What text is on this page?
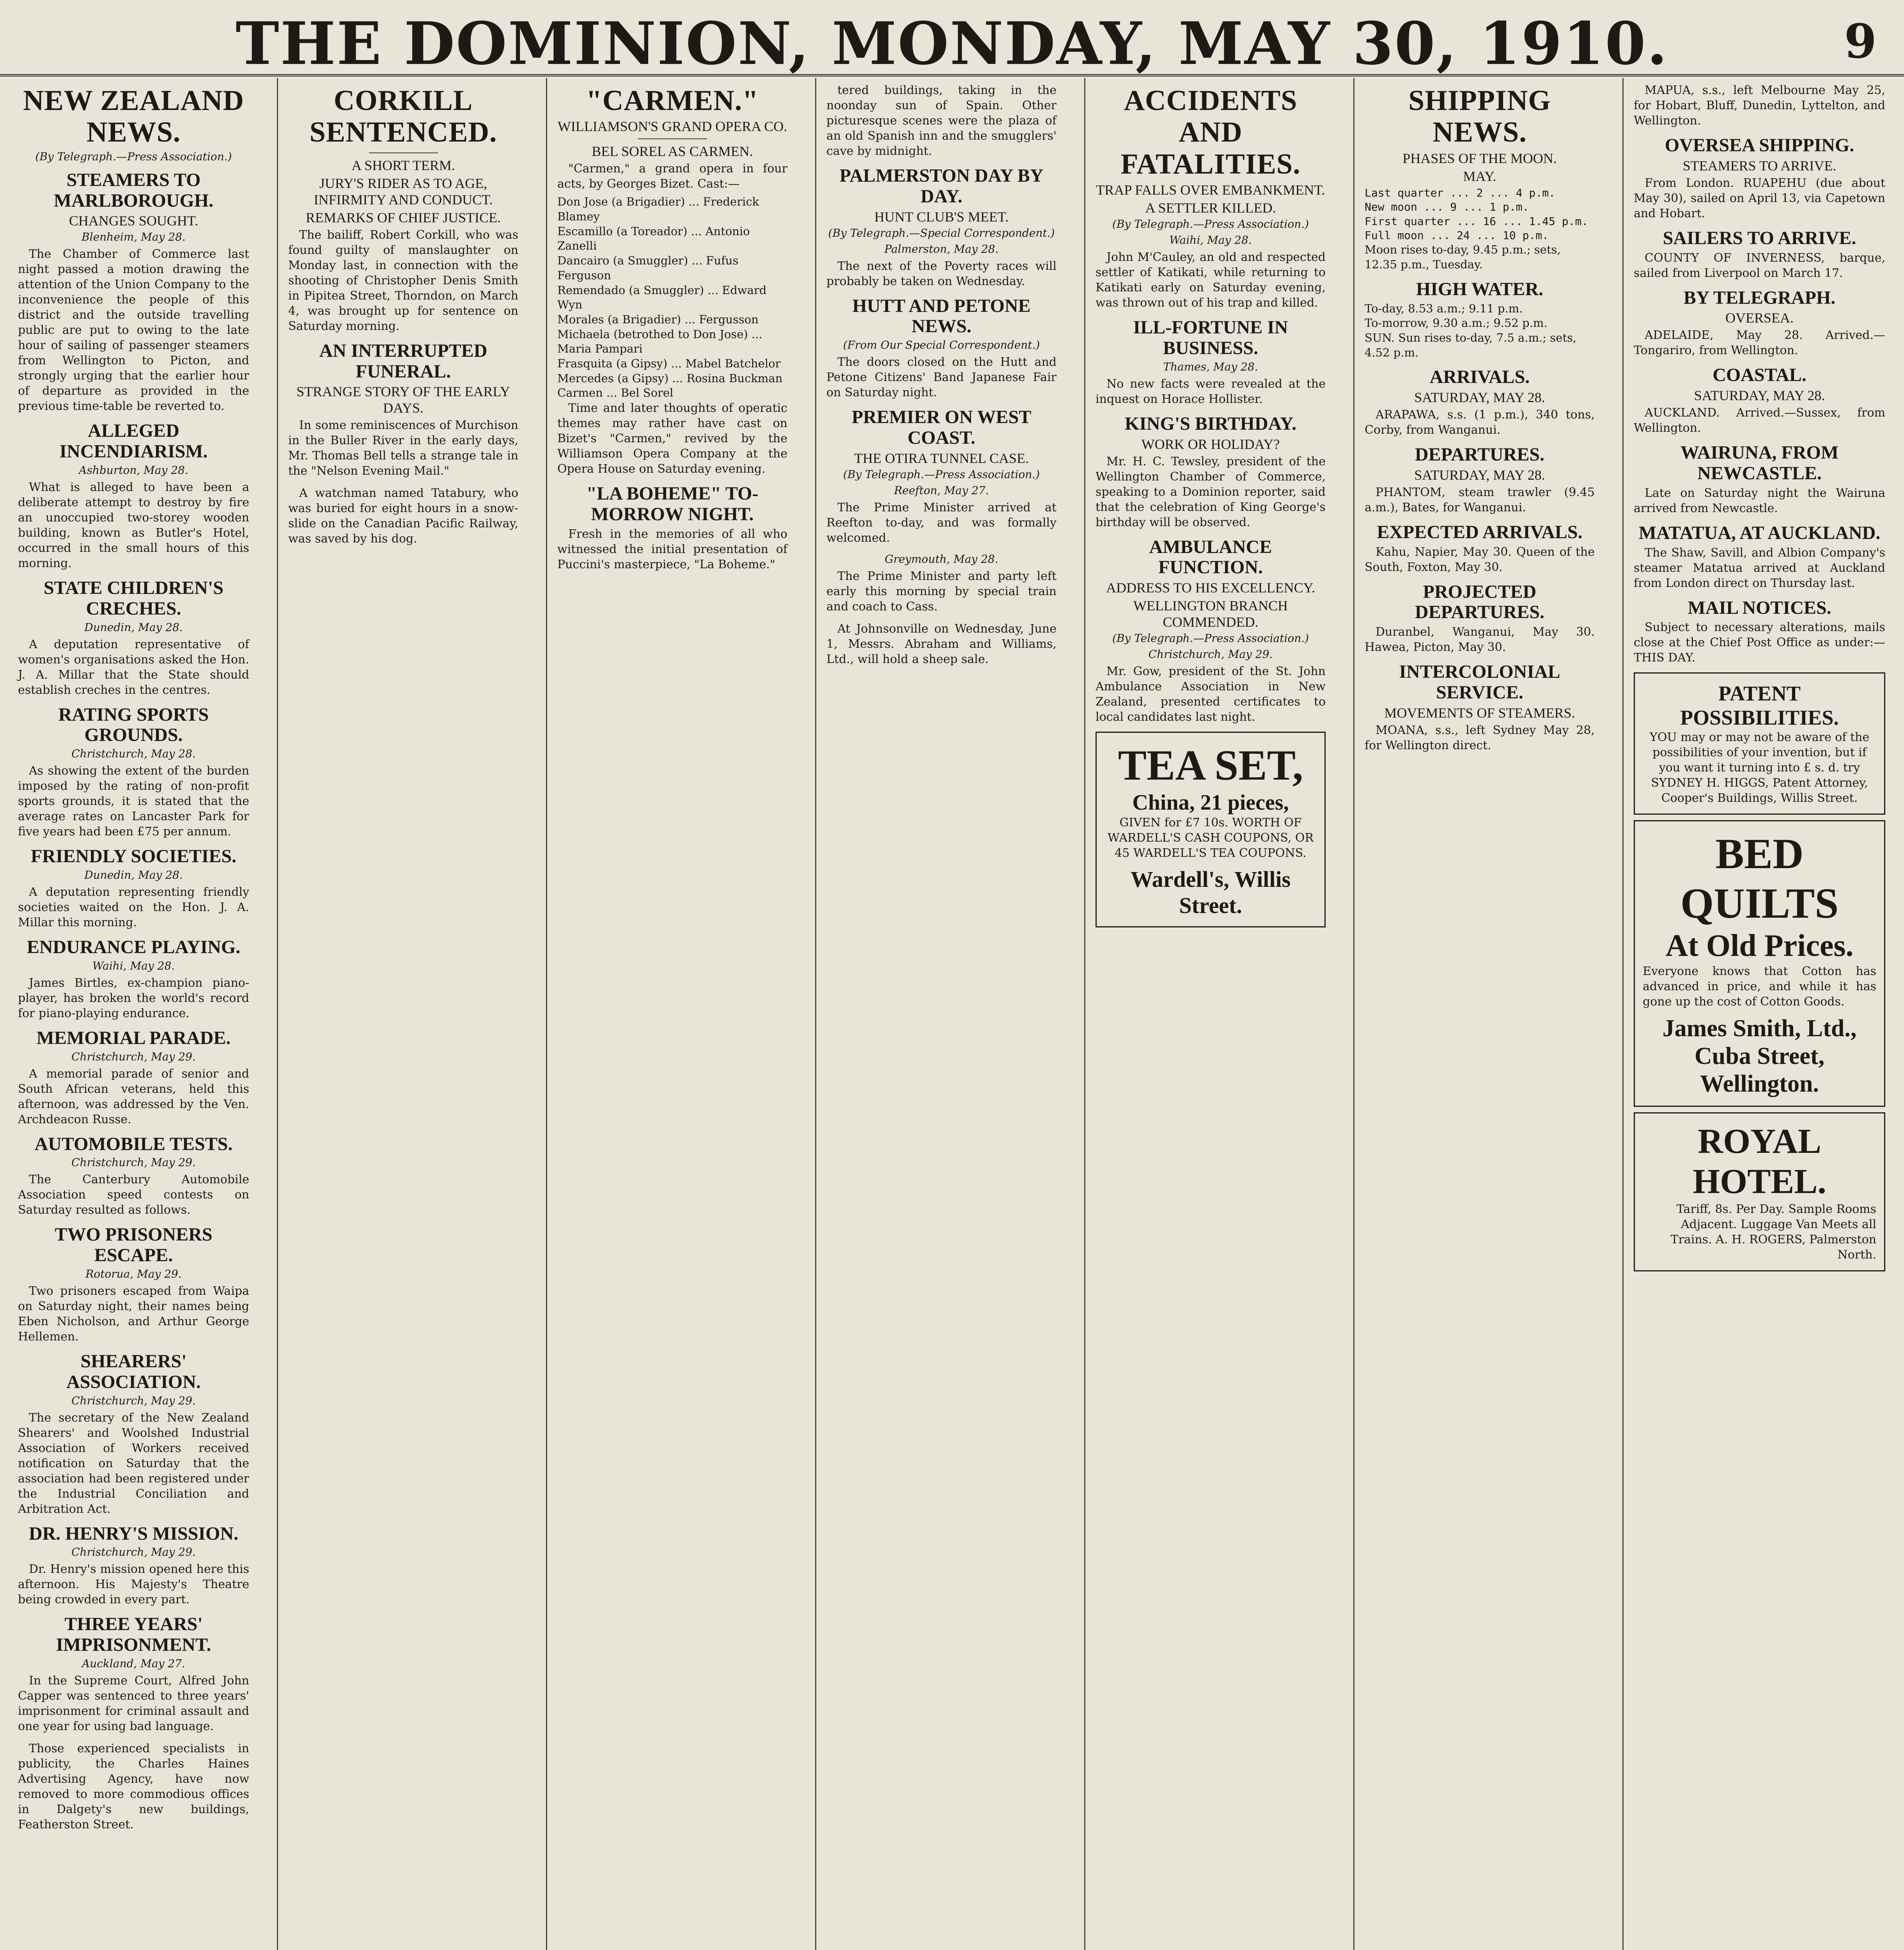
THE DOMINION, MONDAY, MAY 30, 1910.	9
NEW ZEALAND NEWS.
(By Telegraph.—Press Association.)
STEAMERS TO MARLBOROUGH.
CHANGES SOUGHT.
Blenheim, May 28.

The Chamber of Commerce last night passed a motion drawing the attention of the Union Company to the inconvenience the people of this district and the outside travelling public are put to owing to the late hour of sailing of passenger steamers from Wellington to Picton, and strongly urging that the earlier hour of departure as provided in the previous time-table be reverted to.

ALLEGED INCENDIARISM.
Ashburton, May 28.

What is alleged to have been a deliberate attempt to destroy by fire an unoccupied two-storey wooden building, known as Butler's Hotel, occurred in the small hours of this morning.

STATE CHILDREN'S CRECHES.
Dunedin, May 28.

A deputation representative of women's organisations asked the Hon. J. A. Millar that the State should establish creches in the centres.

RATING SPORTS GROUNDS.
Christchurch, May 28.

As showing the extent of the burden imposed by the rating of non-profit sports grounds, it is stated that the average rates on Lancaster Park for five years had been £75 per annum.

FRIENDLY SOCIETIES.
Dunedin, May 28.

A deputation representing friendly societies waited on the Hon. J. A. Millar this morning.

ENDURANCE PLAYING.
Waihi, May 28.

James Birtles, ex-champion piano-player, has broken the world's record for piano-playing endurance.

MEMORIAL PARADE.
Christchurch, May 29.

A memorial parade of senior and South African veterans, held this afternoon, was addressed by the Ven. Archdeacon Russe.

AUTOMOBILE TESTS.
Christchurch, May 29.

The Canterbury Automobile Association speed contests on Saturday resulted as follows.

TWO PRISONERS ESCAPE.
Rotorua, May 29.

Two prisoners escaped from Waipa on Saturday night, their names being Eben Nicholson, and Arthur George Hellemen.

SHEARERS' ASSOCIATION.
Christchurch, May 29.

The secretary of the New Zealand Shearers' and Woolshed Industrial Association of Workers received notification on Saturday that the association had been registered under the Industrial Conciliation and Arbitration Act.

DR. HENRY'S MISSION.
Christchurch, May 29.

Dr. Henry's mission opened here this afternoon. His Majesty's Theatre being crowded in every part.

THREE YEARS' IMPRISONMENT.
Auckland, May 27.

In the Supreme Court, Alfred John Capper was sentenced to three years' imprisonment for criminal assault and one year for using bad language.

Those experienced specialists in publicity, the Charles Haines Advertising Agency, have now removed to more commodious offices in Dalgety's new buildings, Featherston Street.

CORKILL SENTENCED.
A SHORT TERM.
JURY'S RIDER AS TO AGE, INFIRMITY AND CONDUCT.
REMARKS OF CHIEF JUSTICE.

The bailiff, Robert Corkill, who was found guilty of manslaughter on Monday last, in connection with the shooting of Christopher Denis Smith in Pipitea Street, Thorndon, on March 4, was brought up for sentence on Saturday morning.

AN INTERRUPTED FUNERAL.
STRANGE STORY OF THE EARLY DAYS.

In some reminiscences of Murchison in the Buller River in the early days, Mr. Thomas Bell tells a strange tale in the "Nelson Evening Mail."

A watchman named Tatabury, who was buried for eight hours in a snow-slide on the Canadian Pacific Railway, was saved by his dog.

"CARMEN."
WILLIAMSON'S GRAND OPERA CO.
BEL SOREL AS CARMEN.

"Carmen," a grand opera in four acts, by Georges Bizet. Cast:—

Don Jose (a Brigadier) ... Frederick Blamey

Escamillo (a Toreador) ... Antonio Zanelli

Dancairo (a Smuggler) ... Fufus Ferguson

Remendado (a Smuggler) ... Edward Wyn

Morales (a Brigadier) ... Fergusson

Michaela (betrothed to Don Jose) ... Maria Pampari

Frasquita (a Gipsy) ... Mabel Batchelor

Mercedes (a Gipsy) ... Rosina Buckman

Carmen ... Bel Sorel

Time and later thoughts of operatic themes may rather have cast on Bizet's "Carmen," revived by the Williamson Opera Company at the Opera House on Saturday evening.

"LA BOHEME" TO-MORROW NIGHT.

Fresh in the memories of all who witnessed the initial presentation of Puccini's masterpiece, "La Boheme."

tered buildings, taking in the noonday sun of Spain. Other picturesque scenes were the plaza of an old Spanish inn and the smugglers' cave by midnight.

PALMERSTON DAY BY DAY.
HUNT CLUB'S MEET.
(By Telegraph.—Special Correspondent.)
Palmerston, May 28.

The next of the Poverty races will probably be taken on Wednesday.

HUTT AND PETONE NEWS.
(From Our Special Correspondent.)

The doors closed on the Hutt and Petone Citizens' Band Japanese Fair on Saturday night.

PREMIER ON WEST COAST.
THE OTIRA TUNNEL CASE.
(By Telegraph.—Press Association.)
Reefton, May 27.

The Prime Minister arrived at Reefton to-day, and was formally welcomed.

Greymouth, May 28.

The Prime Minister and party left early this morning by special train and coach to Cass.

At Johnsonville on Wednesday, June 1, Messrs. Abraham and Williams, Ltd., will hold a sheep sale.

ACCIDENTS AND FATALITIES.
TRAP FALLS OVER EMBANKMENT.
A SETTLER KILLED.
(By Telegraph.—Press Association.)
Waihi, May 28.

John M'Cauley, an old and respected settler of Katikati, while returning to Katikati early on Saturday evening, was thrown out of his trap and killed.

ILL-FORTUNE IN BUSINESS.
Thames, May 28.

No new facts were revealed at the inquest on Horace Hollister.

KING'S BIRTHDAY.
WORK OR HOLIDAY?

Mr. H. C. Tewsley, president of the Wellington Chamber of Commerce, speaking to a Dominion reporter, said that the celebration of King George's birthday will be observed.

AMBULANCE FUNCTION.
ADDRESS TO HIS EXCELLENCY.
WELLINGTON BRANCH COMMENDED.
(By Telegraph.—Press Association.)
Christchurch, May 29.

Mr. Gow, president of the St. John Ambulance Association in New Zealand, presented certificates to local candidates last night.

TEA SET,
China, 21 pieces,
GIVEN for £7 10s. WORTH OF WARDELL'S CASH COUPONS, OR 45 WARDELL'S TEA COUPONS.
Wardell's, Willis Street.
SHIPPING NEWS.
PHASES OF THE MOON.
MAY.

Last quarter ... 2 ... 4 p.m.

New moon ... 9 ... 1 p.m.

First quarter ... 16 ... 1.45 p.m.

Full moon ... 24 ... 10 p.m.

Moon rises to-day, 9.45 p.m.; sets, 12.35 p.m., Tuesday.

HIGH WATER.

To-day, 8.53 a.m.; 9.11 p.m.

To-morrow, 9.30 a.m.; 9.52 p.m.

SUN. Sun rises to-day, 7.5 a.m.; sets, 4.52 p.m.

ARRIVALS.
SATURDAY, MAY 28.

ARAPAWA, s.s. (1 p.m.), 340 tons, Corby, from Wanganui.

DEPARTURES.
SATURDAY, MAY 28.

PHANTOM, steam trawler (9.45 a.m.), Bates, for Wanganui.

EXPECTED ARRIVALS.

Kahu, Napier, May 30. Queen of the South, Foxton, May 30.

PROJECTED DEPARTURES.

Duranbel, Wanganui, May 30. Hawea, Picton, May 30.

INTERCOLONIAL SERVICE.
MOVEMENTS OF STEAMERS.

MOANA, s.s., left Sydney May 28, for Wellington direct.

MAPUA, s.s., left Melbourne May 25, for Hobart, Bluff, Dunedin, Lyttelton, and Wellington.

OVERSEA SHIPPING.
STEAMERS TO ARRIVE.

From London. RUAPEHU (due about May 30), sailed on April 13, via Capetown and Hobart.

SAILERS TO ARRIVE.

COUNTY OF INVERNESS, barque, sailed from Liverpool on March 17.

BY TELEGRAPH.
OVERSEA.

ADELAIDE, May 28. Arrived.—Tongariro, from Wellington.

COASTAL.
SATURDAY, MAY 28.

AUCKLAND. Arrived.—Sussex, from Wellington.

WAIRUNA, FROM NEWCASTLE.

Late on Saturday night the Wairuna arrived from Newcastle.

MATATUA, AT AUCKLAND.

The Shaw, Savill, and Albion Company's steamer Matatua arrived at Auckland from London direct on Thursday last.

MAIL NOTICES.

Subject to necessary alterations, mails close at the Chief Post Office as under:— THIS DAY.

PATENT POSSIBILITIES.
YOU may or may not be aware of the possibilities of your invention, but if you want it turning into £ s. d. try SYDNEY H. HIGGS, Patent Attorney, Cooper's Buildings, Willis Street.
BED QUILTS
At Old Prices.
Everyone knows that Cotton has advanced in price, and while it has gone up the cost of Cotton Goods.
James Smith, Ltd., Cuba Street, Wellington.
ROYAL HOTEL.
Tariff, 8s. Per Day. Sample Rooms Adjacent. Luggage Van Meets all Trains. A. H. ROGERS, Palmerston North.
